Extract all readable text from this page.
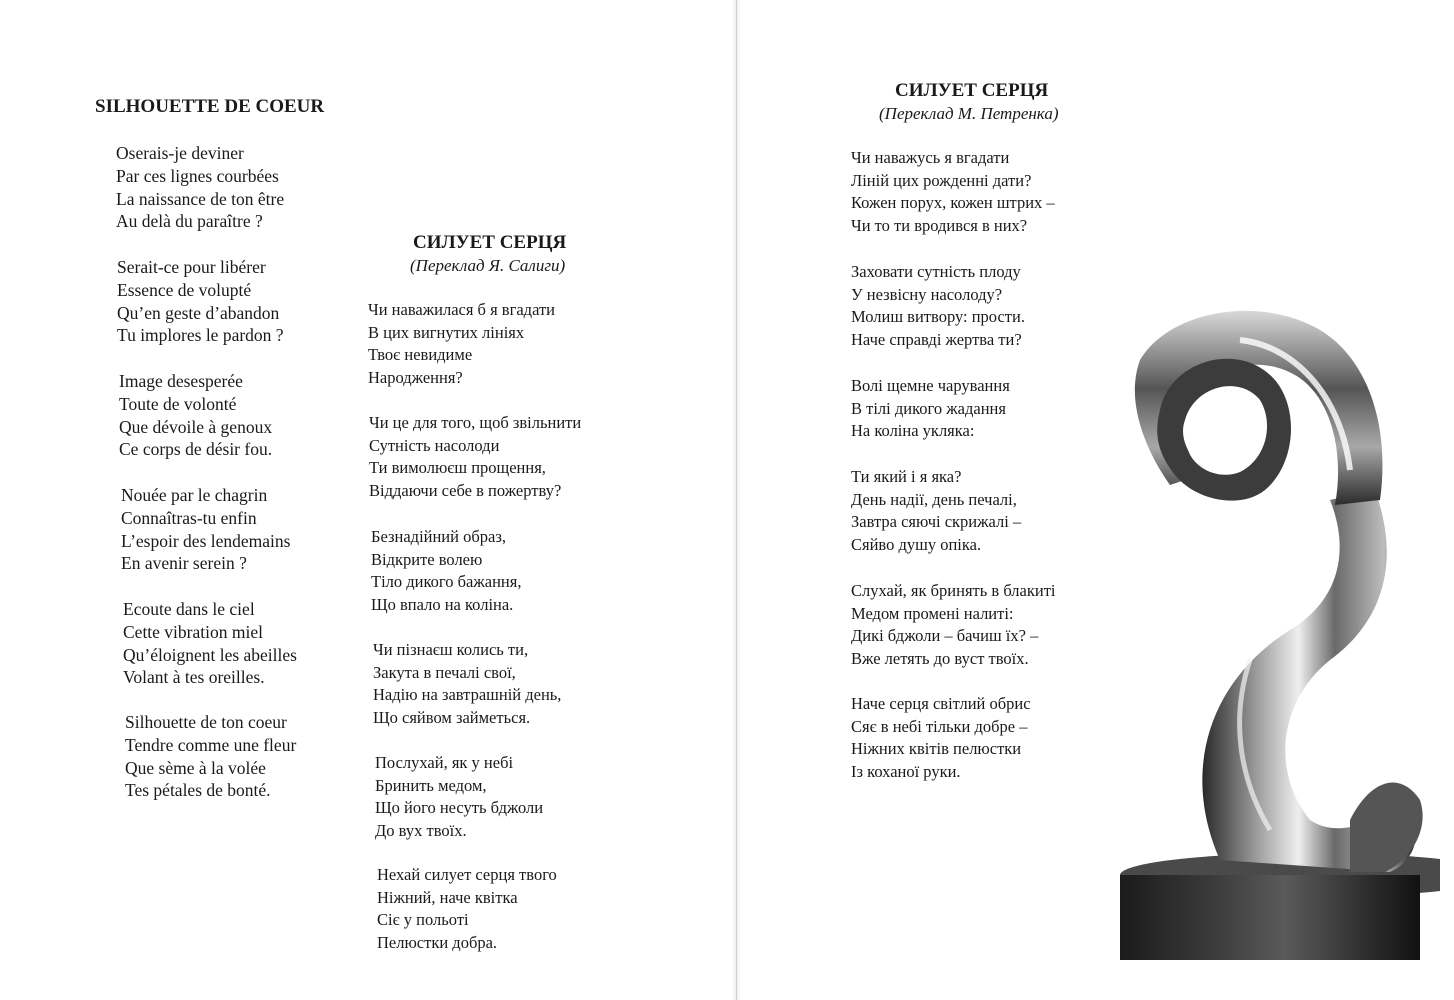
SILHOUETTE DE COEUR
Oserais-je deviner
Par ces lignes courbées
La naissance de ton être
Au delà du paraître ?
Serait-ce pour libérer
Essence de volupté
Qu’en geste d’abandon
Tu implores le pardon ?
Image desesperée
Toute de volonté
Que dévoile à genoux
Ce corps de désir fou.
Nouée par le chagrin
Connaîtras-tu enfin
L’espoir des lendemains
En avenir serein ?
Ecoute dans le ciel
Cette vibration miel
Qu’éloignent les abeilles
Volant à tes oreilles.
Silhouette de ton coeur
Tendre comme une fleur
Que sème à la volée
Tes pétales de bonté.
СИЛУЕТ СЕРЦЯ
(Переклад Я. Салиги)
Чи наважилася б я вгадати
В цих вигнутих лініях
Твоє невидиме
Народження?
Чи це для того, щоб звільнити
Сутність насолоди
Ти вимолюєш прощення,
Віддаючи себе в пожертву?
Безнадійний образ,
Відкрите волею
Тіло дикого бажання,
Що впало на коліна.
Чи пізнаєш колись ти,
Закута в печалі свої,
Надію на завтрашній день,
Що сяйвом займеться.
Послухай, як у небі
Бринить медом,
Що його несуть бджоли
До вух твоїх.
Нехай силует серця твого
Ніжний, наче квітка
Сіє у польоті
Пелюстки добра.
СИЛУЕТ СЕРЦЯ
(Переклад М. Петренка)
Чи наважусь я вгадати
Ліній цих рожденні дати?
Кожен порух, кожен штрих –
Чи то ти вродився в них?
Заховати сутність плоду
У незвісну насолоду?
Молиш витвору: прости.
Наче справді жертва ти?
Волі щемне чарування
В тілі дикого жадання
На коліна укляка:
Ти який і я яка?
День надії, день печалі,
Завтра сяючі скрижалі –
Сяйво душу опіка.
Слухай, як бринять в блакиті
Медом промені налиті:
Дикі бджоли – бачиш їх? –
Вже летять до вуст твоїх.
Наче серця світлий обрис
Сяє в небі тільки добре –
Ніжних квітів пелюстки
Із коханої руки.
